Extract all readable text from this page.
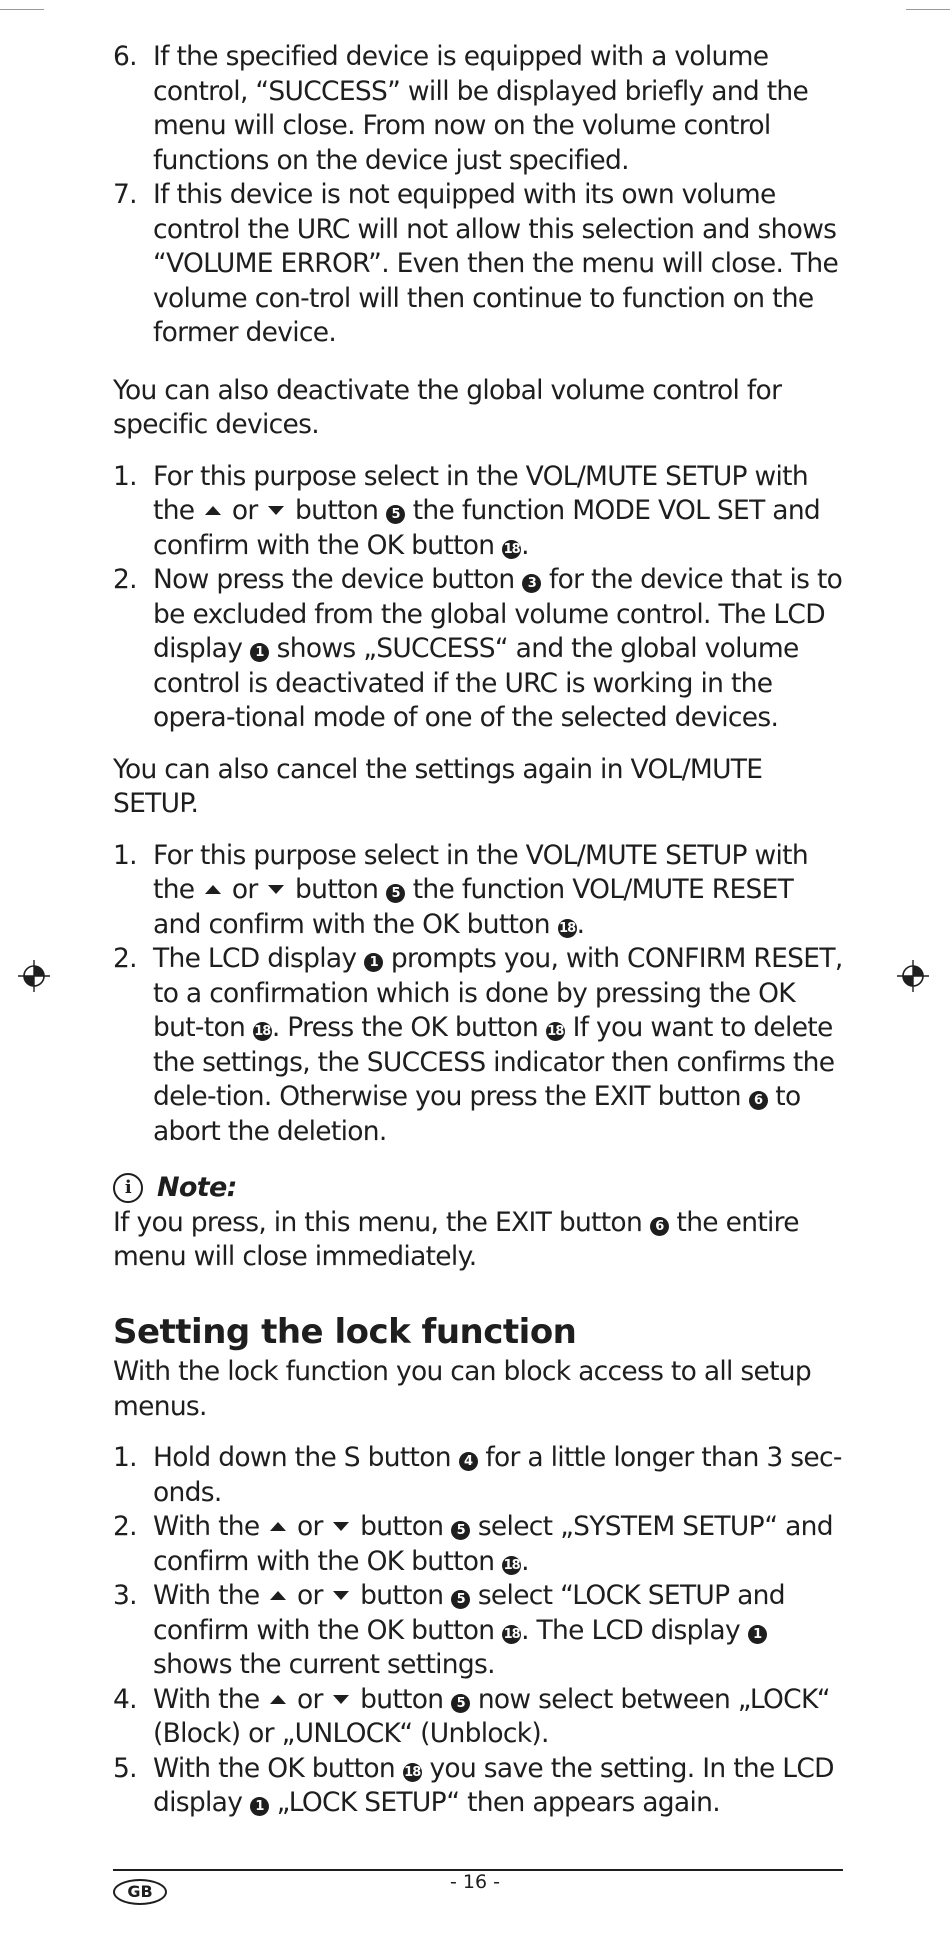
6. If the specified device is equipped with a volume control, “SUCCESS” will be displayed briefly and the menu will close. From now on the volume control functions on the device just specified.
7. If this device is not equipped with its own volume control the URC will not allow this selection and shows “VOLUME ERROR”. Even then the menu will close. The volume con-trol will then continue to function on the former device.

You can also deactivate the global volume control for specific devices.

1. For this purpose select in the VOL/MUTE SETUP with the or button 5 the function MODE VOL SET and confirm with the OK button 18.
2. Now press the device button 3 for the device that is to be excluded from the global volume control. The LCD display 1 shows „SUCCESS“ and the global volume control is deactivated if the URC is working in the opera-tional mode of one of the selected devices.

You can also cancel the settings again in VOL/MUTE SETUP.

1. For this purpose select in the VOL/MUTE SETUP with the or button 5 the function VOL/MUTE RESET and confirm with the OK button 18.
2. The LCD display 1 prompts you, with CONFIRM RESET, to a confirmation which is done by pressing the OK but-ton 18. Press the OK button 18 If you want to delete the settings, the SUCCESS indicator then confirms the dele-tion. Otherwise you press the EXIT button 6 to abort the deletion.
i Note:

If you press, in this menu, the EXIT button 6 the entire menu will close immediately.

Setting the lock function

With the lock function you can block access to all setup menus.

1. Hold down the S button 4 for a little longer than 3 sec-onds.
2. With the or button 5 select „SYSTEM SETUP“ and confirm with the OK button 18.
3. With the or button 5 select “LOCK SETUP and confirm with the OK button 18. The LCD display 1 shows the current settings.
4. With the or button 5 now select between „LOCK“ (Block) or „UNLOCK“ (Unblock).
5. With the OK button 18 you save the setting. In the LCD display 1 „LOCK SETUP“ then appears again.
GB	- 16 -
